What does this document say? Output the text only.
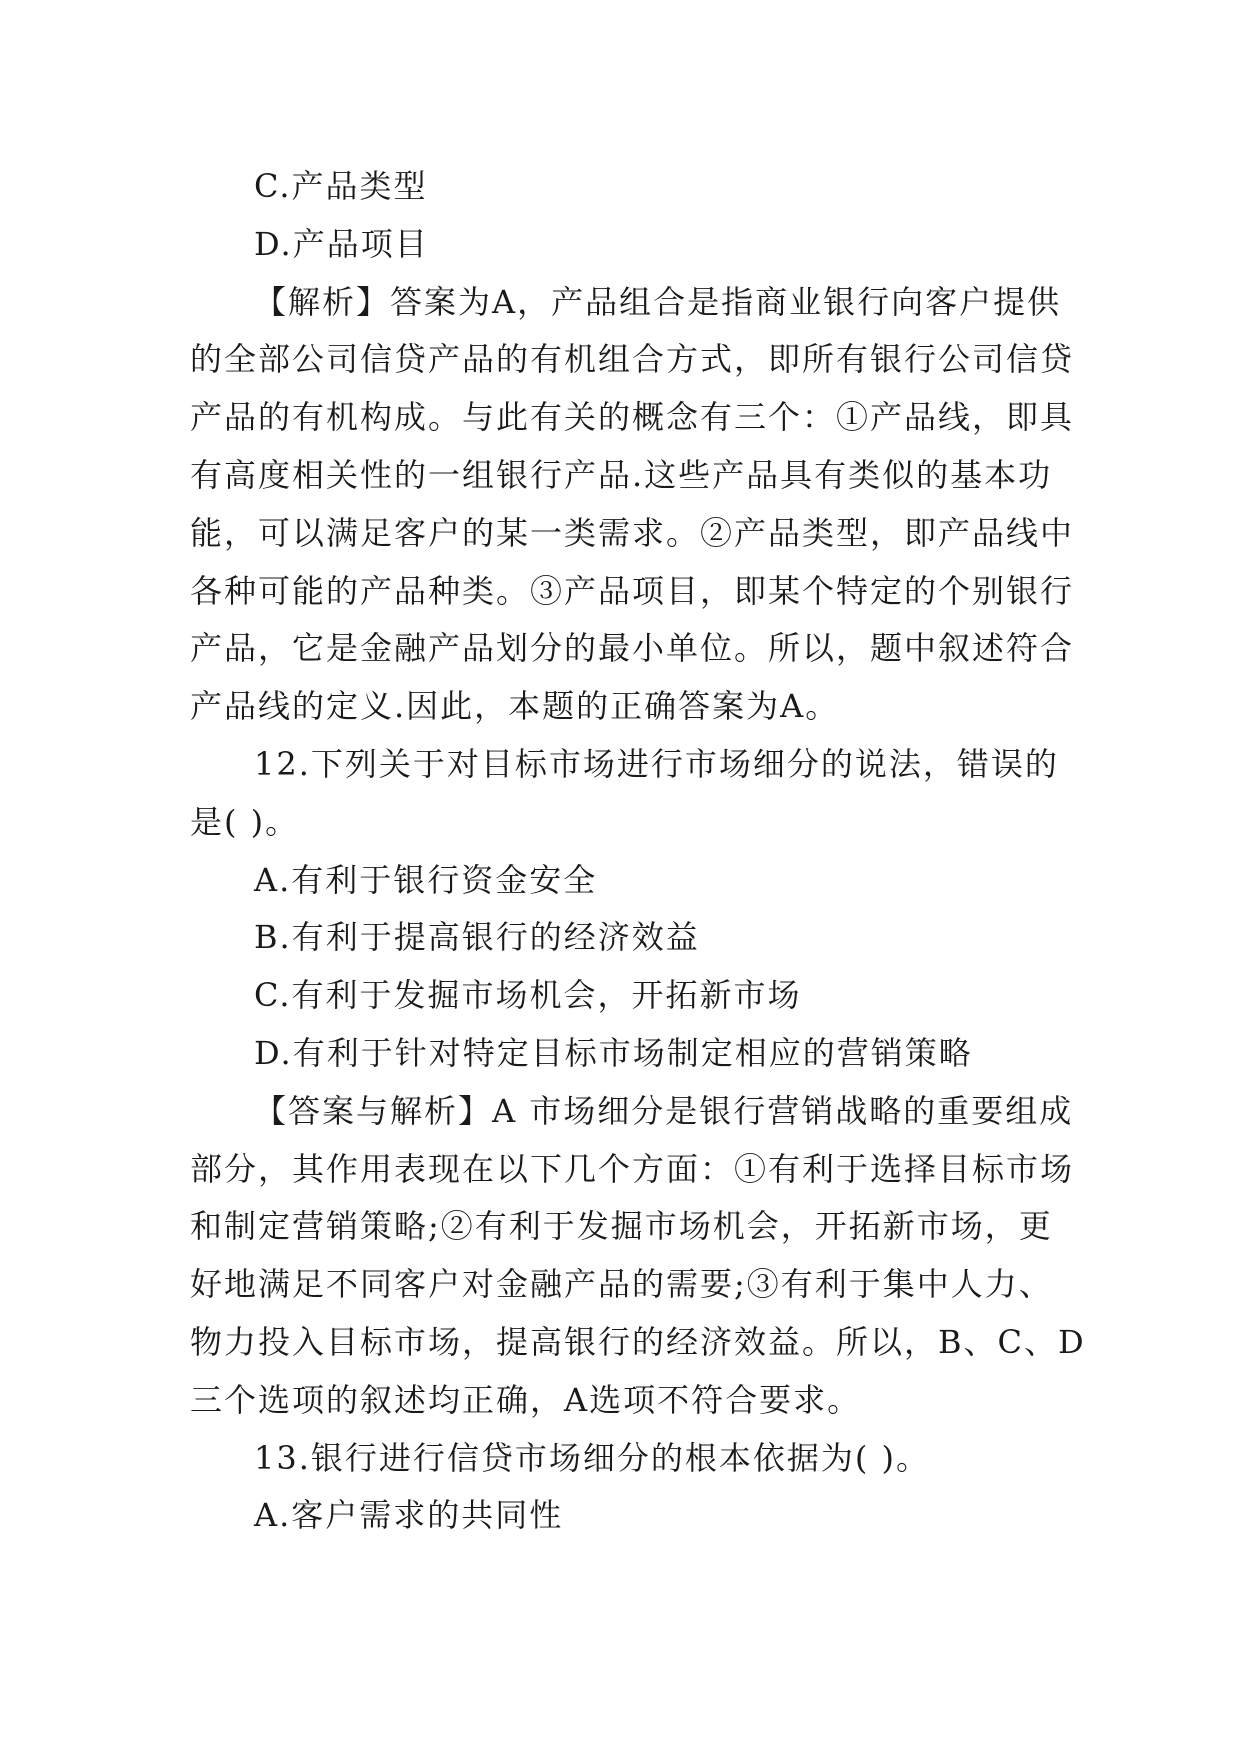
C.产品类型
D.产品项目
【解析】答案为A，产品组合是指商业银行向客户提供
的全部公司信贷产品的有机组合方式，即所有银行公司信贷
产品的有机构成。与此有关的概念有三个：①产品线，即具
有高度相关性的一组银行产品.这些产品具有类似的基本功
能，可以满足客户的某一类需求。②产品类型，即产品线中
各种可能的产品种类。③产品项目，即某个特定的个别银行
产品，它是金融产品划分的最小单位。所以，题中叙述符合
产品线的定义.因此，本题的正确答案为A。
12.下列关于对目标市场进行市场细分的说法，错误的
是( )。
A.有利于银行资金安全
B.有利于提高银行的经济效益
C.有利于发掘市场机会，开拓新市场
D.有利于针对特定目标市场制定相应的营销策略
【答案与解析】A 市场细分是银行营销战略的重要组成
部分，其作用表现在以下几个方面：①有利于选择目标市场
和制定营销策略;②有利于发掘市场机会，开拓新市场，更
好地满足不同客户对金融产品的需要;③有利于集中人力、
物力投入目标市场，提高银行的经济效益。所以，B、C、D
三个选项的叙述均正确，A选项不符合要求。
13.银行进行信贷市场细分的根本依据为( )。
A.客户需求的共同性
